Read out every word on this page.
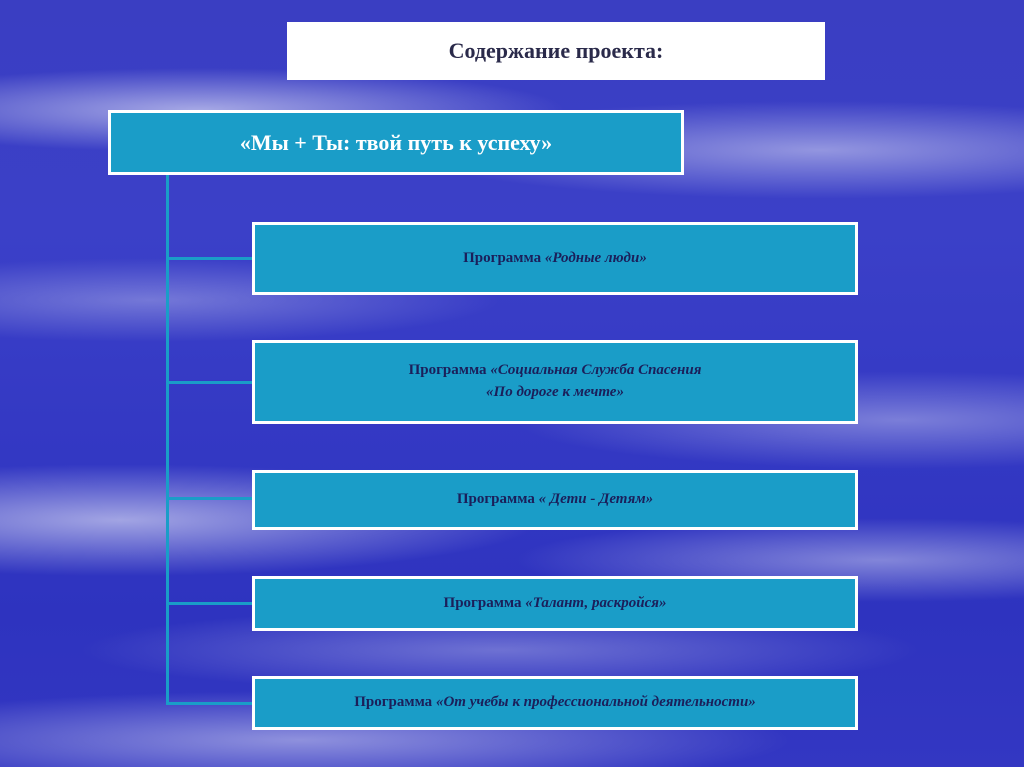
Содержание проекта:
«Мы + Ты: твой путь к успеху»
Программа «Родные люди»
Программа «Социальная Служба Спасения
«По дороге к мечте»
Программа « Дети - Детям»
Программа «Талант, раскройся»
Программа «От учебы к профессиональной деятельности»
